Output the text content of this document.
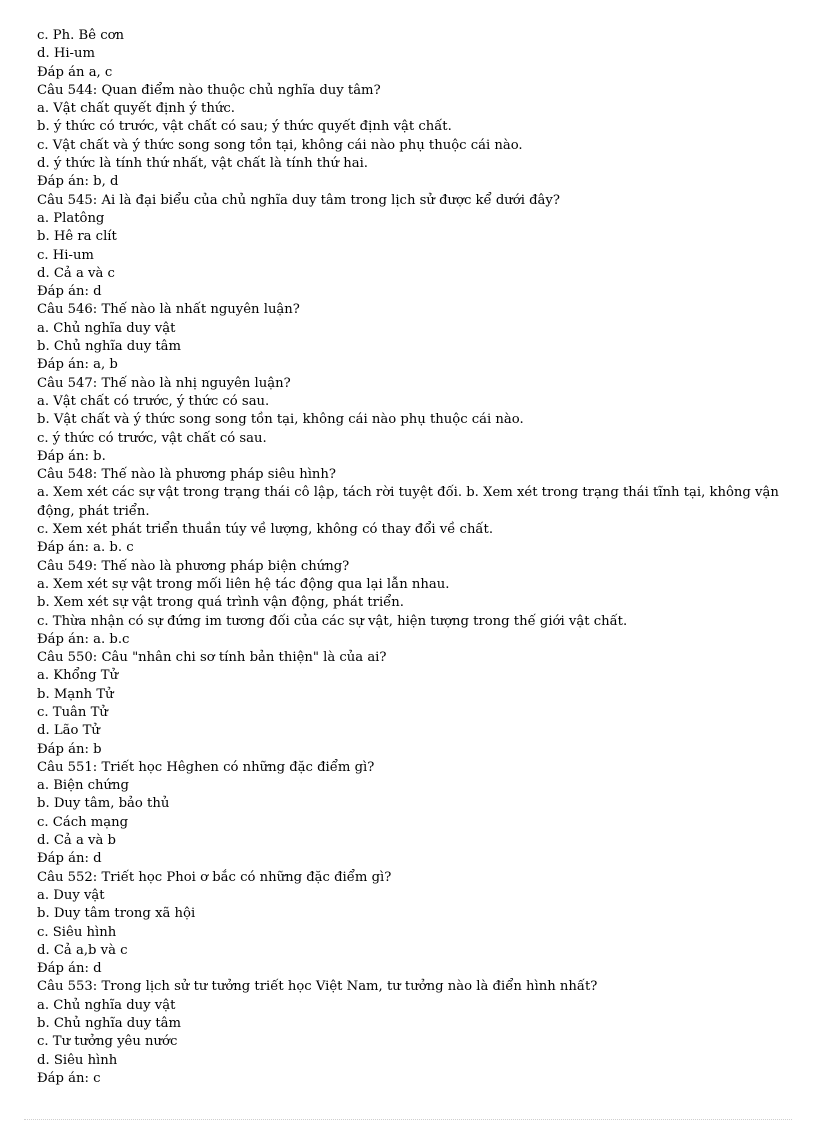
c. Ph. Bê cơn

d. Hi-um

Đáp án a, c

Câu 544: Quan điểm nào thuộc chủ nghĩa duy tâm?

a. Vật chất quyết định ý thức.

b. ý thức có trước, vật chất có sau; ý thức quyết định vật chất.

c. Vật chất và ý thức song song tồn tại, không cái nào phụ thuộc cái nào.

d. ý thức là tính thứ nhất, vật chất là tính thứ hai.

Đáp án: b, d

Câu 545: Ai là đại biểu của chủ nghĩa duy tâm trong lịch sử được kể dưới đây?

a. Platông

b. Hê ra clít

c. Hi-um

d. Cả a và c

Đáp án: d

Câu 546: Thế nào là nhất nguyên luận?

a. Chủ nghĩa duy vật

b. Chủ nghĩa duy tâm

Đáp án: a, b

Câu 547: Thế nào là nhị nguyên luận?

a. Vật chất có trước, ý thức có sau.

b. Vật chất và ý thức song song tồn tại, không cái nào phụ thuộc cái nào.

c. ý thức có trước, vật chất có sau.

Đáp án: b.

Câu 548: Thế nào là phương pháp siêu hình?

a. Xem xét các sự vật trong trạng thái cô lập, tách rời tuyệt đối. b. Xem xét trong trạng thái tĩnh tại, không vận động, phát triển.

c. Xem xét phát triển thuần túy về lượng, không có thay đổi về chất.

Đáp án: a. b. c

Câu 549: Thế nào là phương pháp biện chứng?

a. Xem xét sự vật trong mối liên hệ tác động qua lại lẫn nhau.

b. Xem xét sự vật trong quá trình vận động, phát triển.

c. Thừa nhận có sự đứng im tương đối của các sự vật, hiện tượng trong thế giới vật chất.

Đáp án: a. b.c

Câu 550: Câu "nhân chi sơ tính bản thiện" là của ai?

a. Khổng Tử

b. Mạnh Tử

c. Tuân Tử

d. Lão Tử

Đáp án: b

Câu 551: Triết học Hêghen có những đặc điểm gì?

a. Biện chứng

b. Duy tâm, bảo thủ

c. Cách mạng

d. Cả a và b

Đáp án: d

Câu 552: Triết học Phoi ơ bắc có những đặc điểm gì?

a. Duy vật

b. Duy tâm trong xã hội

c. Siêu hình

d. Cả a,b và c

Đáp án: d

Câu 553: Trong lịch sử tư tưởng triết học Việt Nam, tư tưởng nào là điển hình nhất?

a. Chủ nghĩa duy vật

b. Chủ nghĩa duy tâm

c. Tư tưởng yêu nước

d. Siêu hình

Đáp án: c
